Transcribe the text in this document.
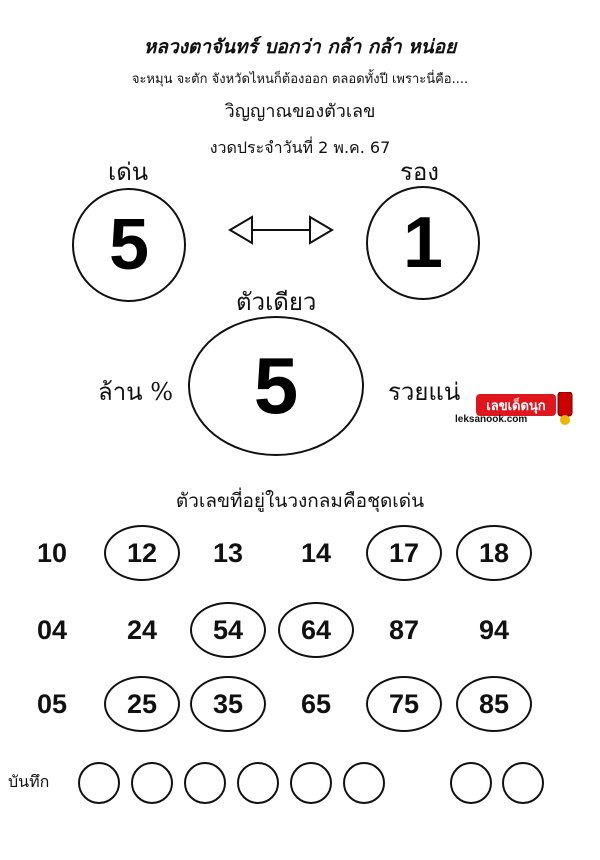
หลวงตาจันทร์ บอกว่า กล้า กล้า หน่อย
จะหมุน จะตัก จังหวัดไหนก็ต้องออก ตลอดทั้งปี เพราะนี่คือ....
วิญญาณของตัวเลข
งวดประจำวันที่ 2 พ.ค. 67
เด่น	รอง
5	1
ตัวเดียว
5
ล้าน %	รวยแน่
เลขเด็ดนุก
leksanook.com
ตัวเลขที่อยู่ในวงกลมคือชุดเด่น
10	12	13	14	17	18
04	24	54	64	87	94
05	25	35	65	75	85
บันทึก
